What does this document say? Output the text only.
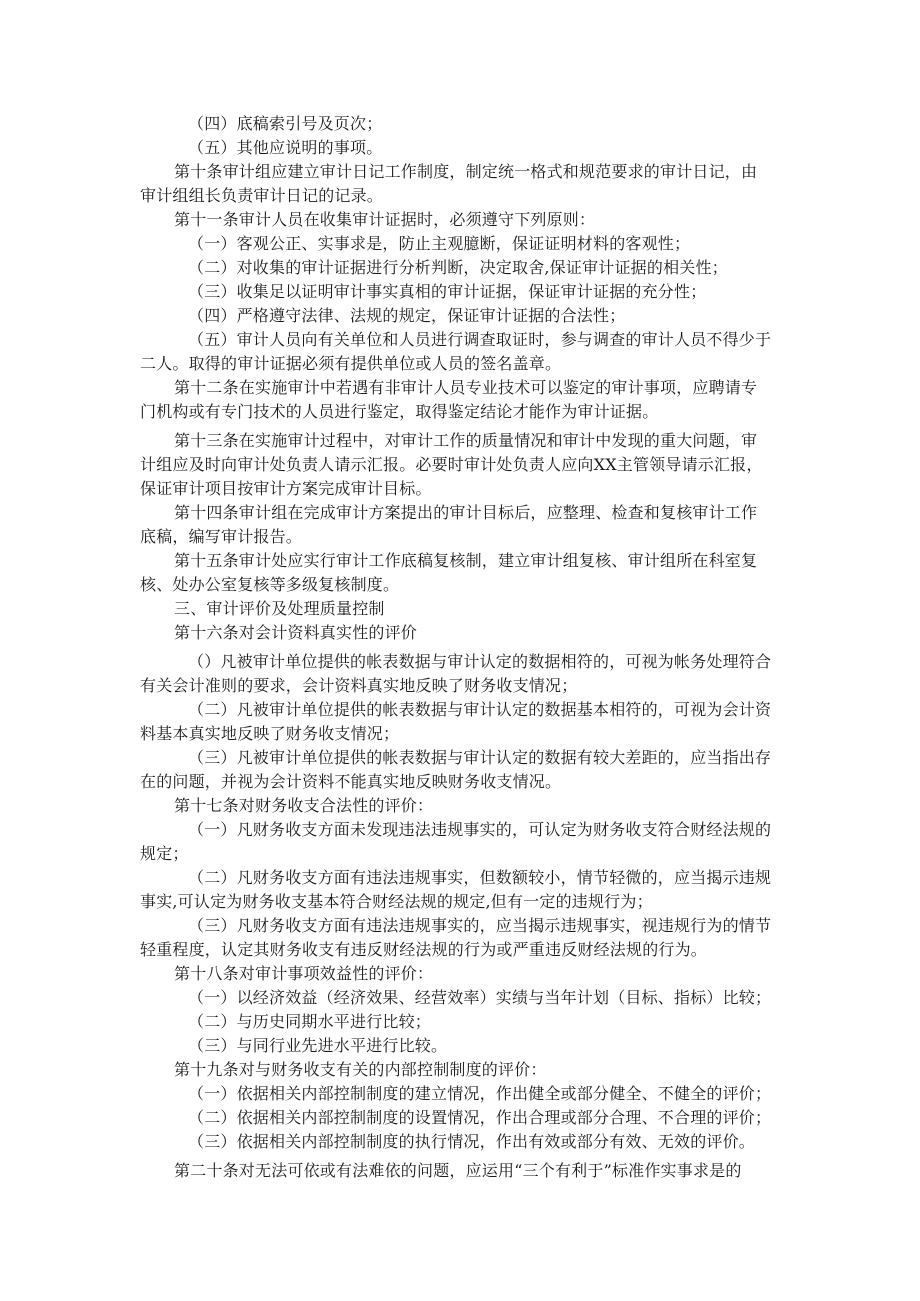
（四）底稿索引号及页次；
（五）其他应说明的事项。
第十条审计组应建立审计日记工作制度，制定统一格式和规范要求的审计日记，由
审计组组长负责审计日记的记录。
第十一条审计人员在收集审计证据时，必须遵守下列原则：
（一）客观公正、实事求是，防止主观臆断，保证证明材料的客观性；
（二）对收集的审计证据进行分析判断，决定取舍,保证审计证据的相关性；
（三）收集足以证明审计事实真相的审计证据，保证审计证据的充分性；
（四）严格遵守法律、法规的规定，保证审计证据的合法性；
（五）审计人员向有关单位和人员进行调查取证时，参与调查的审计人员不得少于
二人。取得的审计证据必须有提供单位或人员的签名盖章。
第十二条在实施审计中若遇有非审计人员专业技术可以鉴定的审计事项，应聘请专
门机构或有专门技术的人员进行鉴定，取得鉴定结论才能作为审计证据。
第十三条在实施审计过程中，对审计工作的质量情况和审计中发现的重大问题，审
计组应及时向审计处负责人请示汇报。必要时审计处负责人应向XX主管领导请示汇报，
保证审计项目按审计方案完成审计目标。
第十四条审计组在完成审计方案提出的审计目标后，应整理、检查和复核审计工作
底稿，编写审计报告。
第十五条审计处应实行审计工作底稿复核制，建立审计组复核、审计组所在科室复
核、处办公室复核等多级复核制度。
三、审计评价及处理质量控制
第十六条对会计资料真实性的评价
（）凡被审计单位提供的帐表数据与审计认定的数据相符的，可视为帐务处理符合
有关会计准则的要求，会计资料真实地反映了财务收支情况；
（二）凡被审计单位提供的帐表数据与审计认定的数据基本相符的，可视为会计资
料基本真实地反映了财务收支情况；
（三）凡被审计单位提供的帐表数据与审计认定的数据有较大差距的，应当指出存
在的问题，并视为会计资料不能真实地反映财务收支情况。
第十七条对财务收支合法性的评价：
（一）凡财务收支方面未发现违法违规事实的，可认定为财务收支符合财经法规的
规定；
（二）凡财务收支方面有违法违规事实，但数额较小，情节轻微的，应当揭示违规
事实,可认定为财务收支基本符合财经法规的规定,但有一定的违规行为；
（三）凡财务收支方面有违法违规事实的，应当揭示违规事实，视违规行为的情节
轻重程度，认定其财务收支有违反财经法规的行为或严重违反财经法规的行为。
第十八条对审计事项效益性的评价：
（一）以经济效益（经济效果、经营效率）实绩与当年计划（目标、指标）比较；
（二）与历史同期水平进行比较；
（三）与同行业先进水平进行比较。
第十九条对与财务收支有关的内部控制制度的评价：
（一）依据相关内部控制制度的建立情况，作出健全或部分健全、不健全的评价；
（二）依据相关内部控制制度的设置情况，作出合理或部分合理、不合理的评价；
（三）依据相关内部控制制度的执行情况，作出有效或部分有效、无效的评价。
第二十条对无法可依或有法难依的问题，应运用“三个有利于”标准作实事求是的
